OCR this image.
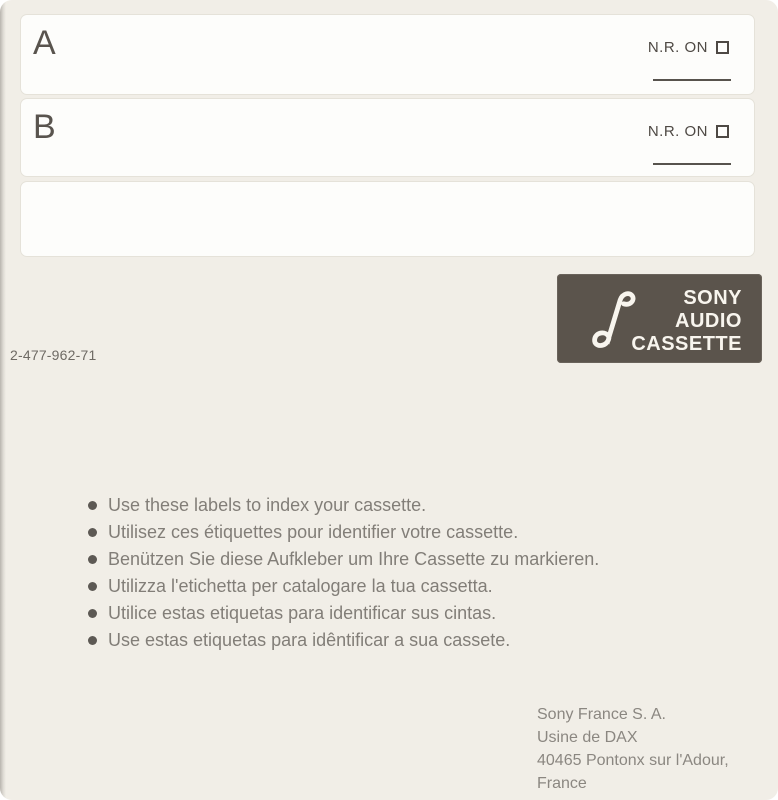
A	N.R. ON
B	N.R. ON
SONY
AUDIO
CASSETTE
2-477-962-71
Use these labels to index your cassette.
Utilisez ces étiquettes pour identifier votre cassette.
Benützen Sie diese Aufkleber um Ihre Cassette zu markieren.
Utilizza l'etichetta per catalogare la tua cassetta.
Utilice estas etiquetas para identificar sus cintas.
Use estas etiquetas para idêntificar a sua cassete.
Sony France S. A.
Usine de DAX
40465 Pontonx sur l'Adour, France
